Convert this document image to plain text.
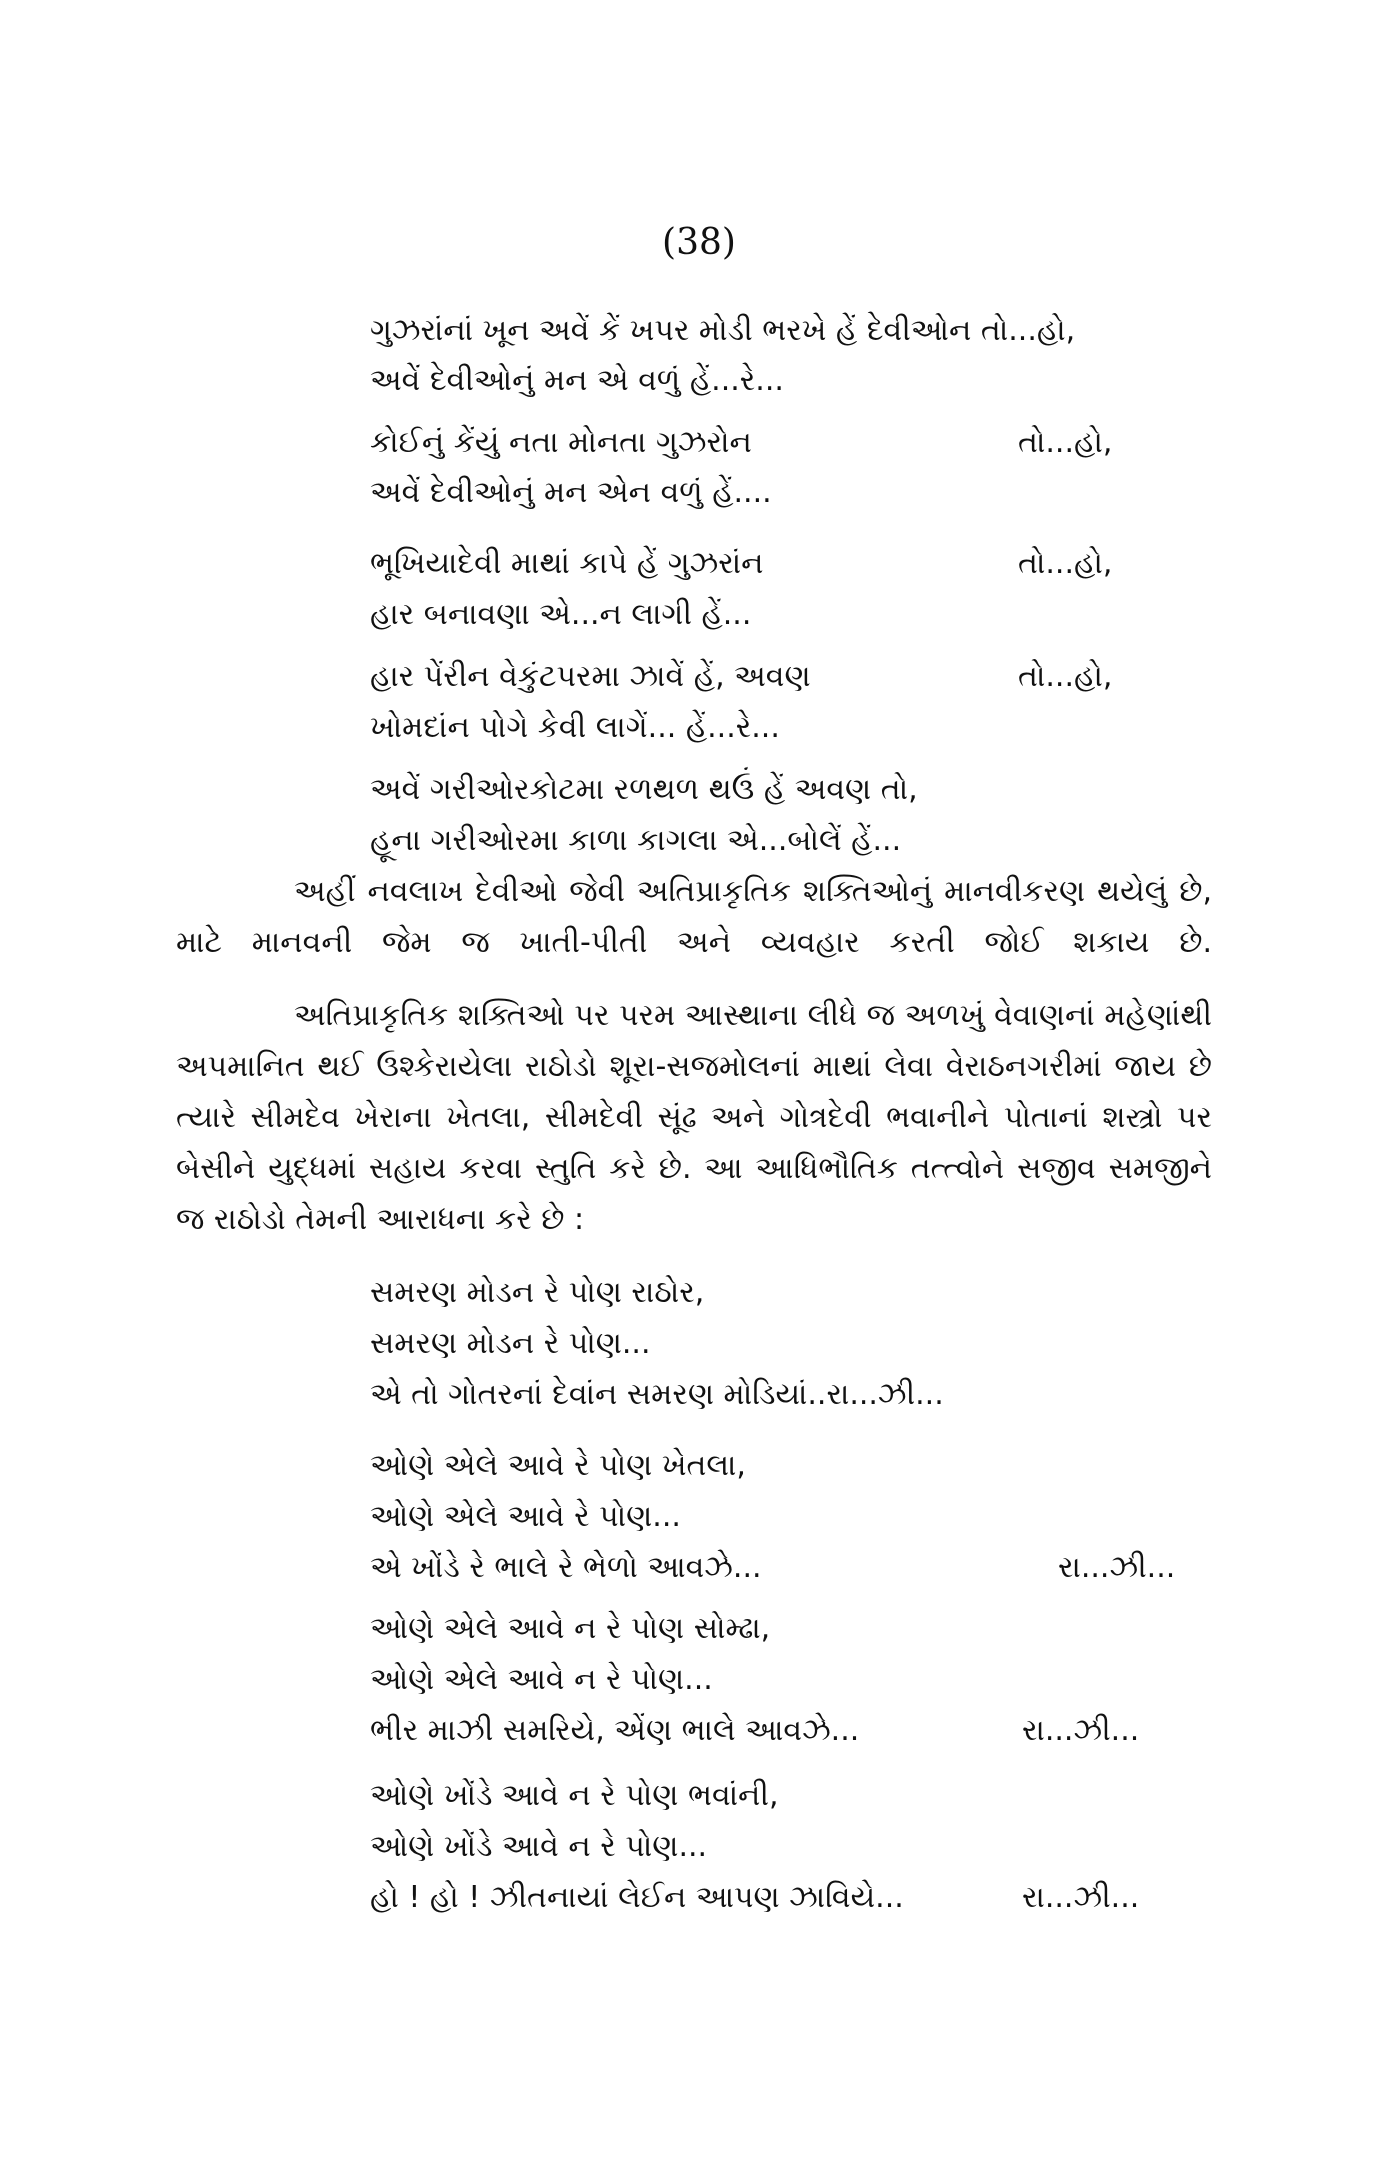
(38)
ગુઝરાંનાં ખૂન અવેં કેં ખપર મોડી ભરખે હેં દેવીઓન તો...હો,
અવેં દેવીઓનું મન એ વળું હેં...રે...
કોઈનું કેંયું નતા મોનતા ગુઝરોન	તો...હો,
અવેં દેવીઓનું મન એન વળું હેં....
ભૂખિયાદેવી માથાં કાપે હેં ગુઝરાંન	તો...હો,
હાર બનાવણા એ...ન લાગી હેં...
હાર પેંરીન વેકુંટપરમા ઝાવેં હેં, અવણ	તો...હો,
ખોમદાંન પોગે કેવી લાગેં... હેં...રે...
અવેં ગરીઓરકોટમા રળથળ થઉં હેં અવણ તો,
હૂના ગરીઓરમા કાળા કાગલા એ...બોલેં હેં...

અહીં નવલાખ દેવીઓ જેવી અતિપ્રાકૃતિક શક્તિઓનું માનવીકરણ થયેલું છે, માટે માનવની જેમ જ ખાતી-પીતી અને વ્યવહાર કરતી જોઈ શકાય છે.

અતિપ્રાકૃતિક શક્તિઓ પર પરમ આસ્થાના લીધે જ અળખું વેવાણનાં મહેણાંથી અપમાનિત થઈ ઉશ્કેરાયેલા રાઠોડો શૂરા-સજમોલનાં માથાં લેવા વેરાઠનગરીમાં જાય છે ત્યારે સીમદેવ ખેરાના ખેતલા, સીમદેવી સૂંઢ અને ગોત્રદેવી ભવાનીને પોતાનાં શસ્ત્રો પર બેસીને યુદ્ધમાં સહાય કરવા સ્તુતિ કરે છે. આ આધિભૌતિક તત્ત્વોને સજીવ સમજીને જ રાઠોડો તેમની આરાધના કરે છે :

સમરણ મોડન રે પોણ રાઠોર,
સમરણ મોડન રે પોણ...
એ તો ગોતરનાં દેવાંન સમરણ મોડિયાં..રા...ઝી...
ઓણે એલે આવે રે પોણ ખેતલા,
ઓણે એલે આવે રે પોણ...
એ ખોંડે રે ભાલે રે ભેળો આવઝે...	રા...ઝી...
ઓણે એલે આવે ન રે પોણ સોમ્ઢા,
ઓણે એલે આવે ન રે પોણ...
ભીર માઝી સમરિયે, એંણ ભાલે આવઝે...	રા...ઝી...
ઓણે ખોંડે આવે ન રે પોણ ભવાંની,
ઓણે ખોંડે આવે ન રે પોણ...
હો ! હો ! ઝીતનાયાં લેઈન આપણ ઝાવિયે...	રા...ઝી...
